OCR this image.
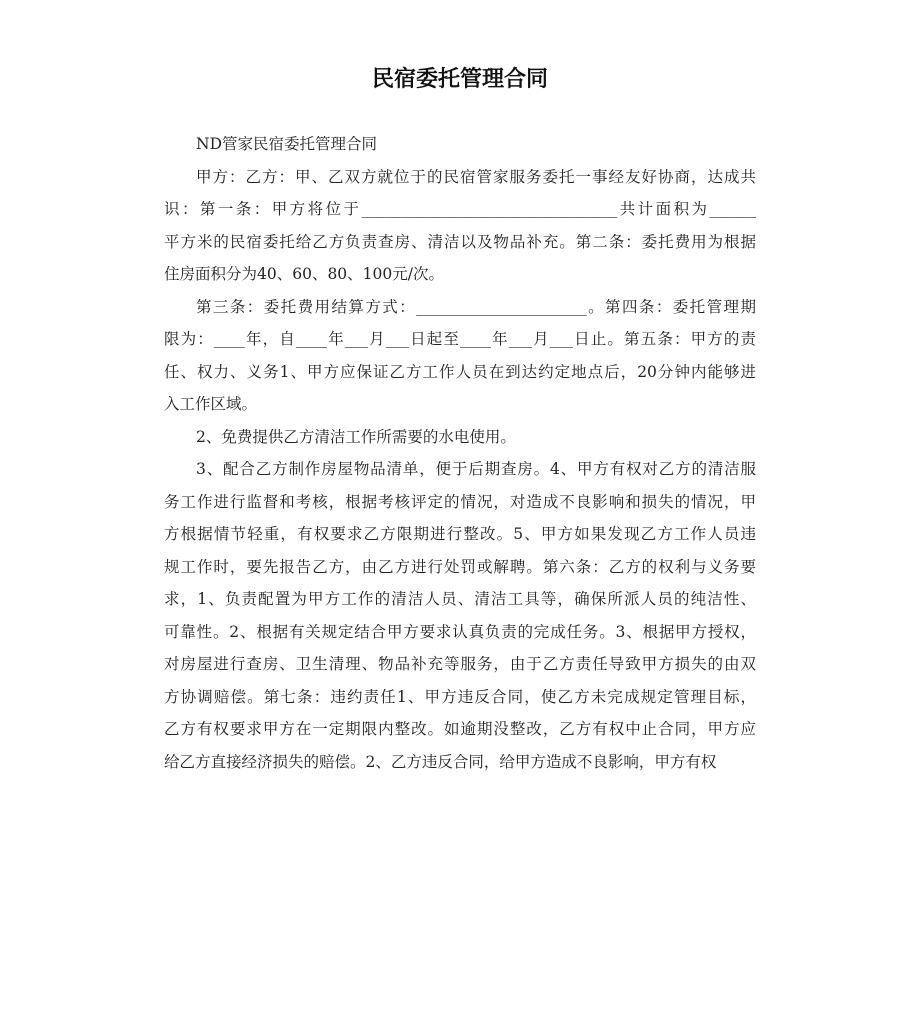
民宿委托管理合同

ND管家民宿委托管理合同

甲方：乙方：甲、乙双方就位于的民宿管家服务委托一事经友好协商，达成共
识：第一条：甲方将位于_________________________________共计面积为______
平方米的民宿委托给乙方负责查房、清洁以及物品补充。第二条：委托费用为根据
住房面积分为40、60、80、100元/次。

第三条：委托费用结算方式：______________________。第四条：委托管理期
限为：____年，自____年___月___日起至____年___月___日止。第五条：甲方的责
任、权力、义务1、甲方应保证乙方工作人员在到达约定地点后，20分钟内能够进
入工作区域。

2、免费提供乙方清洁工作所需要的水电使用。

3、配合乙方制作房屋物品清单，便于后期查房。4、甲方有权对乙方的清洁服
务工作进行监督和考核，根据考核评定的情况，对造成不良影响和损失的情况，甲
方根据情节轻重，有权要求乙方限期进行整改。5、甲方如果发现乙方工作人员违
规工作时，要先报告乙方，由乙方进行处罚或解聘。第六条：乙方的权利与义务要
求，1、负责配置为甲方工作的清洁人员、清洁工具等，确保所派人员的纯洁性、
可靠性。2、根据有关规定结合甲方要求认真负责的完成任务。3、根据甲方授权，
对房屋进行查房、卫生清理、物品补充等服务，由于乙方责任导致甲方损失的由双
方协调赔偿。第七条：违约责任1、甲方违反合同，使乙方未完成规定管理目标，
乙方有权要求甲方在一定期限内整改。如逾期没整改，乙方有权中止合同，甲方应
给乙方直接经济损失的赔偿。2、乙方违反合同，给甲方造成不良影响，甲方有权
